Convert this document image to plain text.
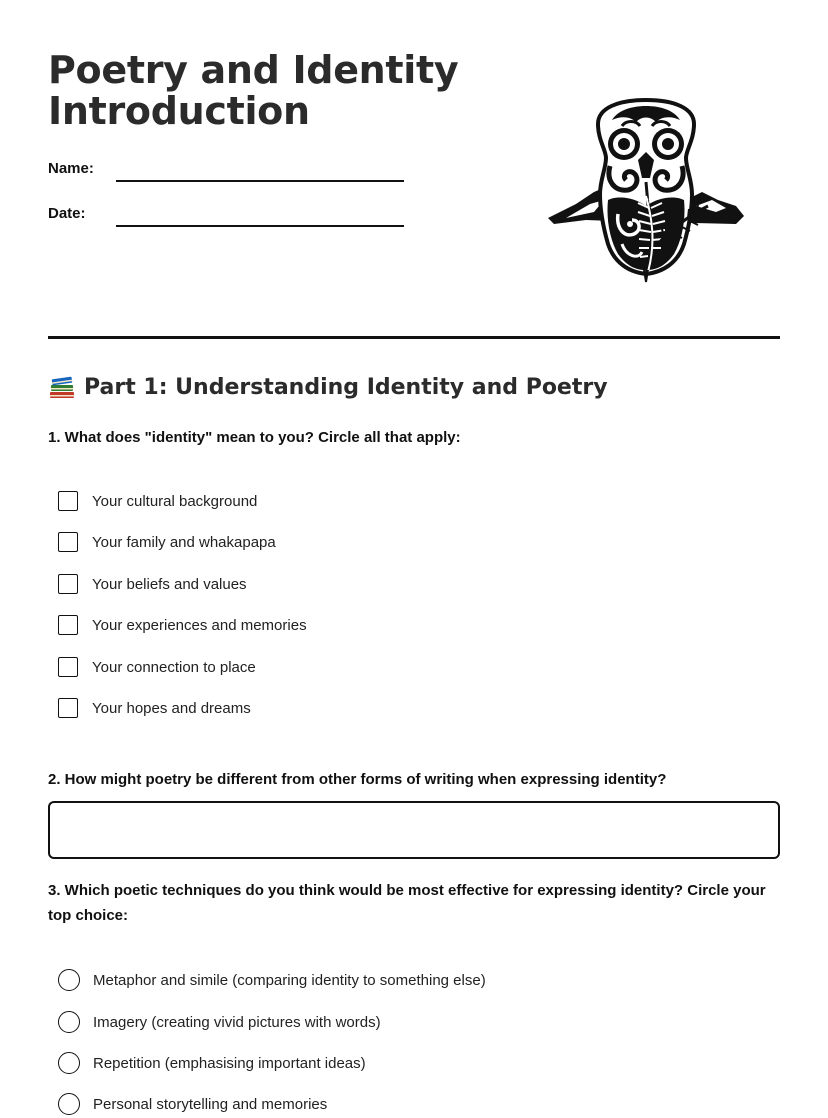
Poetry and Identity
Introduction
Name:
Date:
Part 1: Understanding Identity and Poetry

1. What does "identity" mean to you? Circle all that apply:

Your cultural background
Your family and whakapapa
Your beliefs and values
Your experiences and memories
Your connection to place
Your hopes and dreams

2. How might poetry be different from other forms of writing when expressing identity?

3. Which poetic techniques do you think would be most effective for expressing identity? Circle your top choice:

Metaphor and simile (comparing identity to something else)
Imagery (creating vivid pictures with words)
Repetition (emphasising important ideas)
Personal storytelling and memories
